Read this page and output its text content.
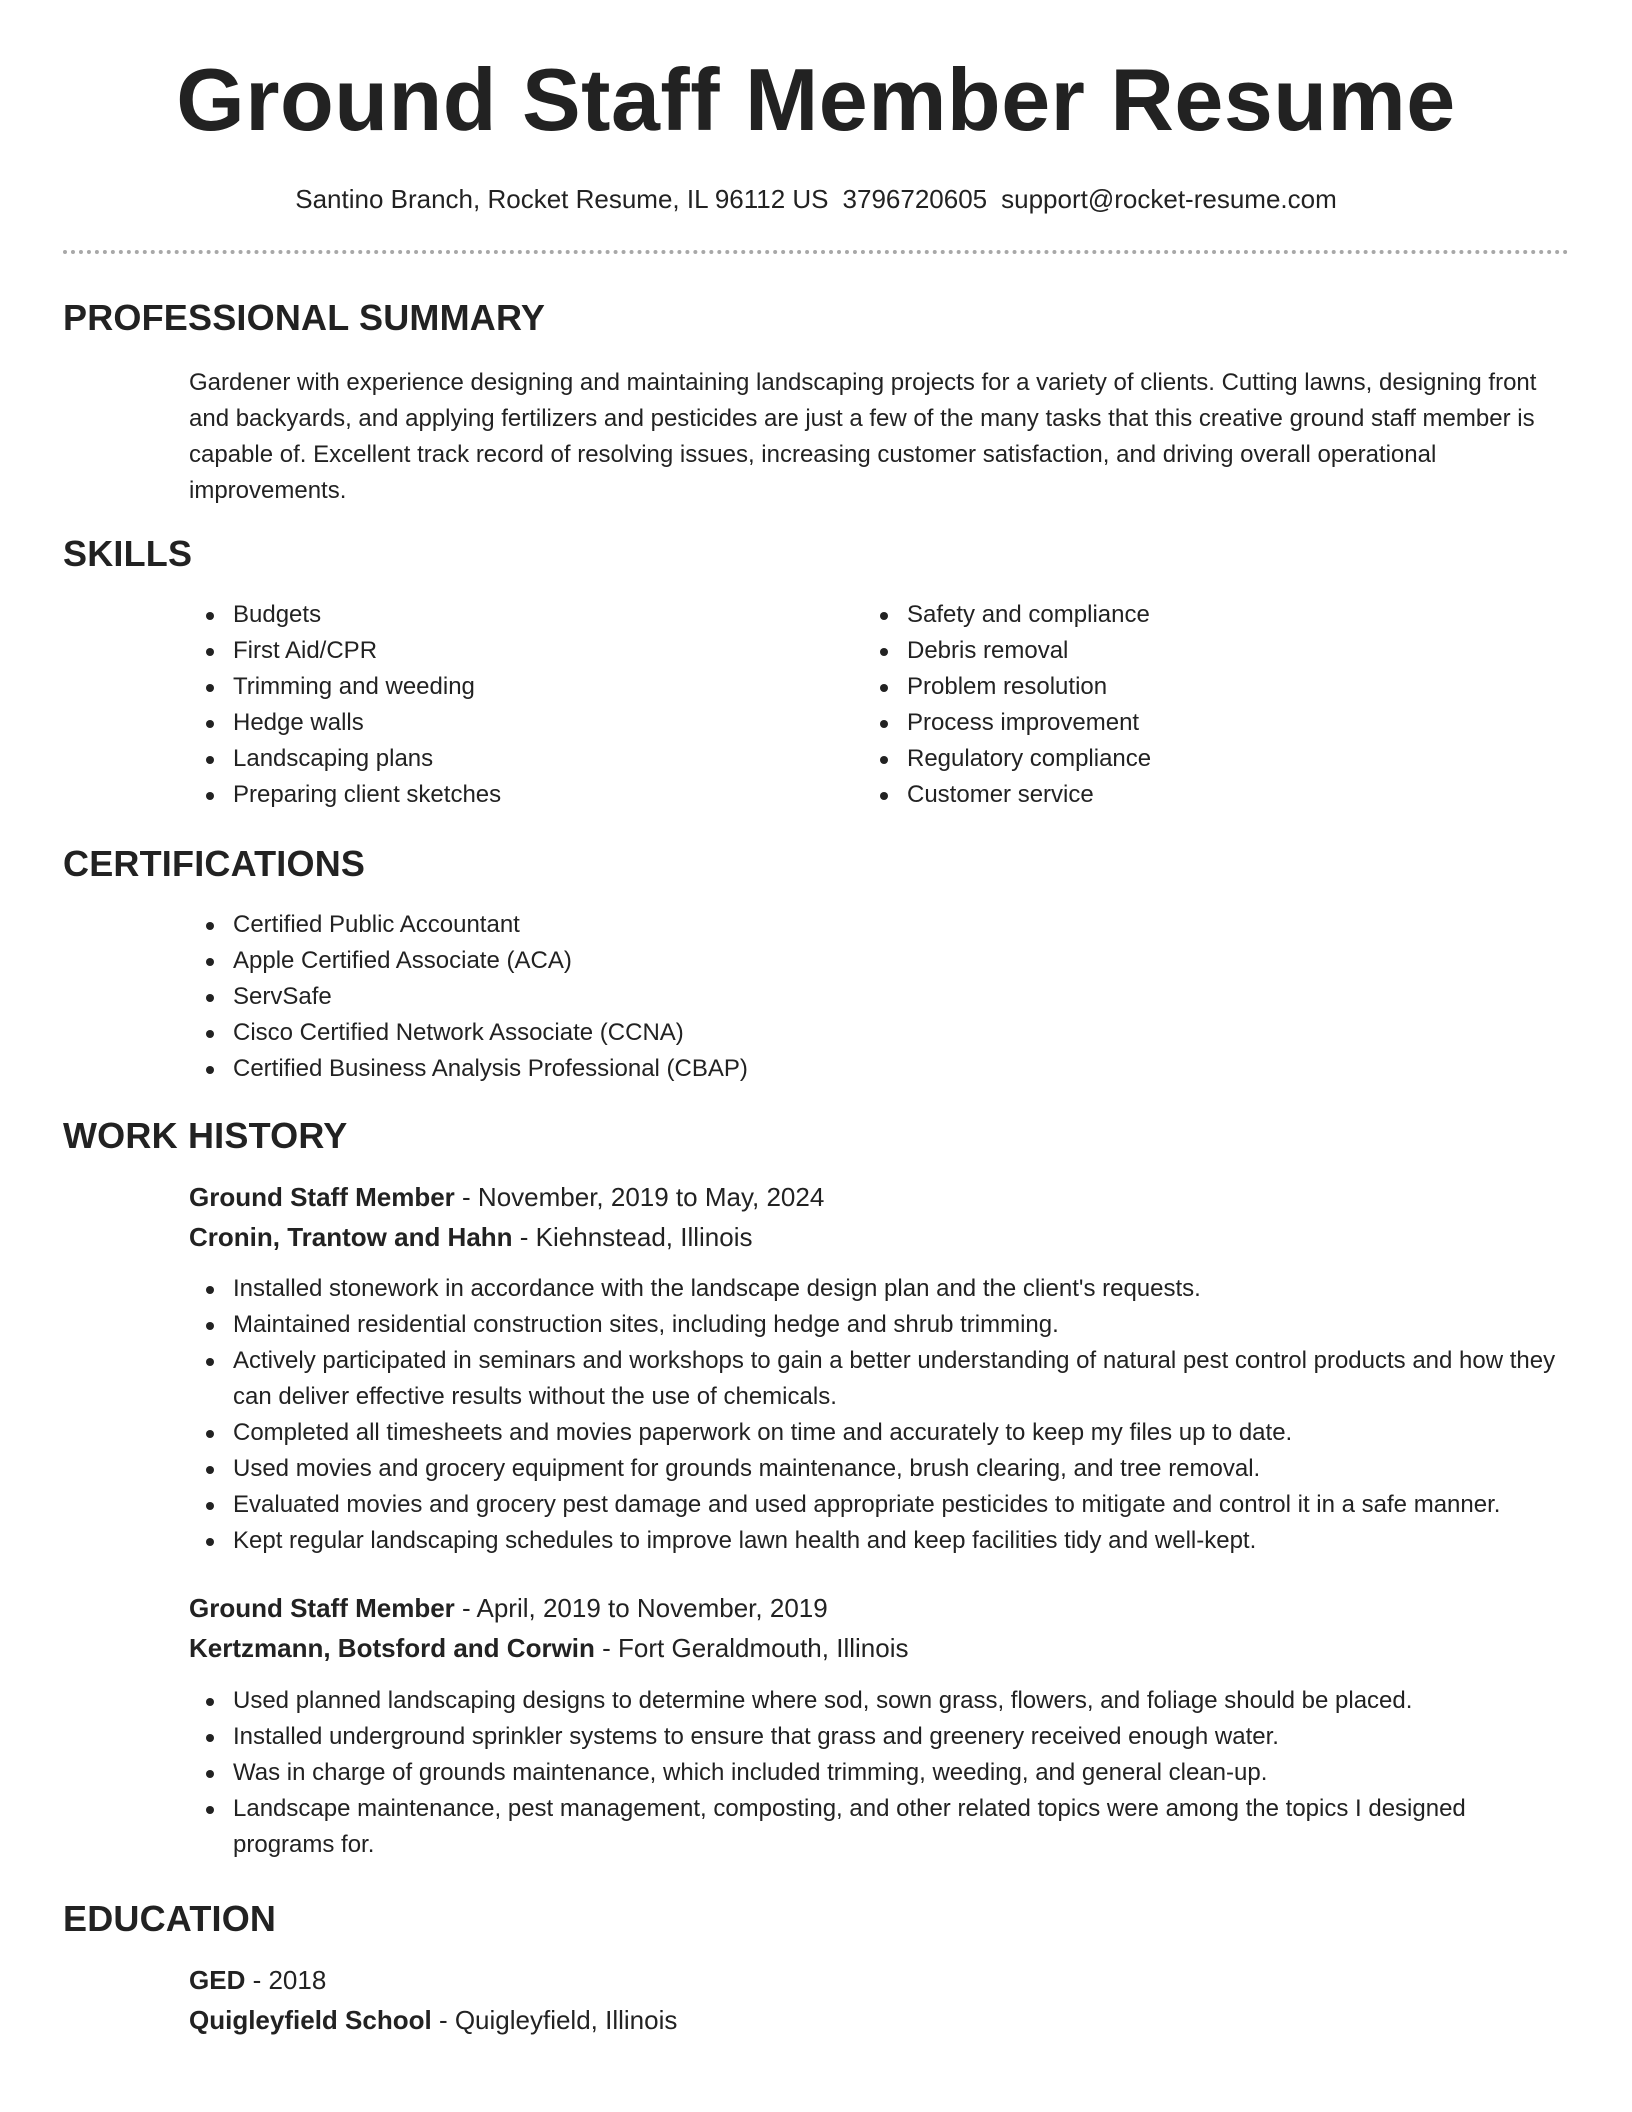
Ground Staff Member Resume
Santino Branch, Rocket Resume, IL 96112 US 3796720605 support@rocket-resume.com
PROFESSIONAL SUMMARY

Gardener with experience designing and maintaining landscaping projects for a variety of clients. Cutting lawns, designing front and backyards, and applying fertilizers and pesticides are just a few of the many tasks that this creative ground staff member is capable of. Excellent track record of resolving issues, increasing customer satisfaction, and driving overall operational improvements.

SKILLS
Budgets
First Aid/CPR
Trimming and weeding
Hedge walls
Landscaping plans
Preparing client sketches
Safety and compliance
Debris removal
Problem resolution
Process improvement
Regulatory compliance
Customer service
CERTIFICATIONS
Certified Public Accountant
Apple Certified Associate (ACA)
ServSafe
Cisco Certified Network Associate (CCNA)
Certified Business Analysis Professional (CBAP)
WORK HISTORY
Ground Staff Member - November, 2019 to May, 2024
Cronin, Trantow and Hahn - Kiehnstead, Illinois
Installed stonework in accordance with the landscape design plan and the client's requests.
Maintained residential construction sites, including hedge and shrub trimming.
Actively participated in seminars and workshops to gain a better understanding of natural pest control products and how they can deliver effective results without the use of chemicals.
Completed all timesheets and movies paperwork on time and accurately to keep my files up to date.
Used movies and grocery equipment for grounds maintenance, brush clearing, and tree removal.
Evaluated movies and grocery pest damage and used appropriate pesticides to mitigate and control it in a safe manner.
Kept regular landscaping schedules to improve lawn health and keep facilities tidy and well-kept.
Ground Staff Member - April, 2019 to November, 2019
Kertzmann, Botsford and Corwin - Fort Geraldmouth, Illinois
Used planned landscaping designs to determine where sod, sown grass, flowers, and foliage should be placed.
Installed underground sprinkler systems to ensure that grass and greenery received enough water.
Was in charge of grounds maintenance, which included trimming, weeding, and general clean-up.
Landscape maintenance, pest management, composting, and other related topics were among the topics I designed programs for.
EDUCATION
GED - 2018
Quigleyfield School - Quigleyfield, Illinois
